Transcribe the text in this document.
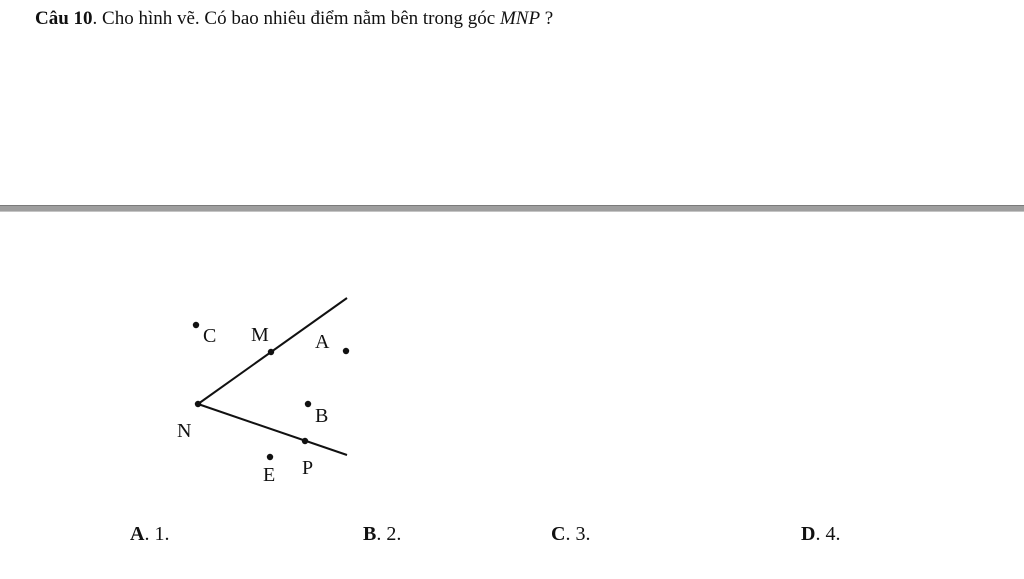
Câu 10. Cho hình vẽ. Có bao nhiêu điểm nằm bên trong góc MNP ?
C M A
N
B
E P
A. 1.	B. 2.	C. 3.	D. 4.
